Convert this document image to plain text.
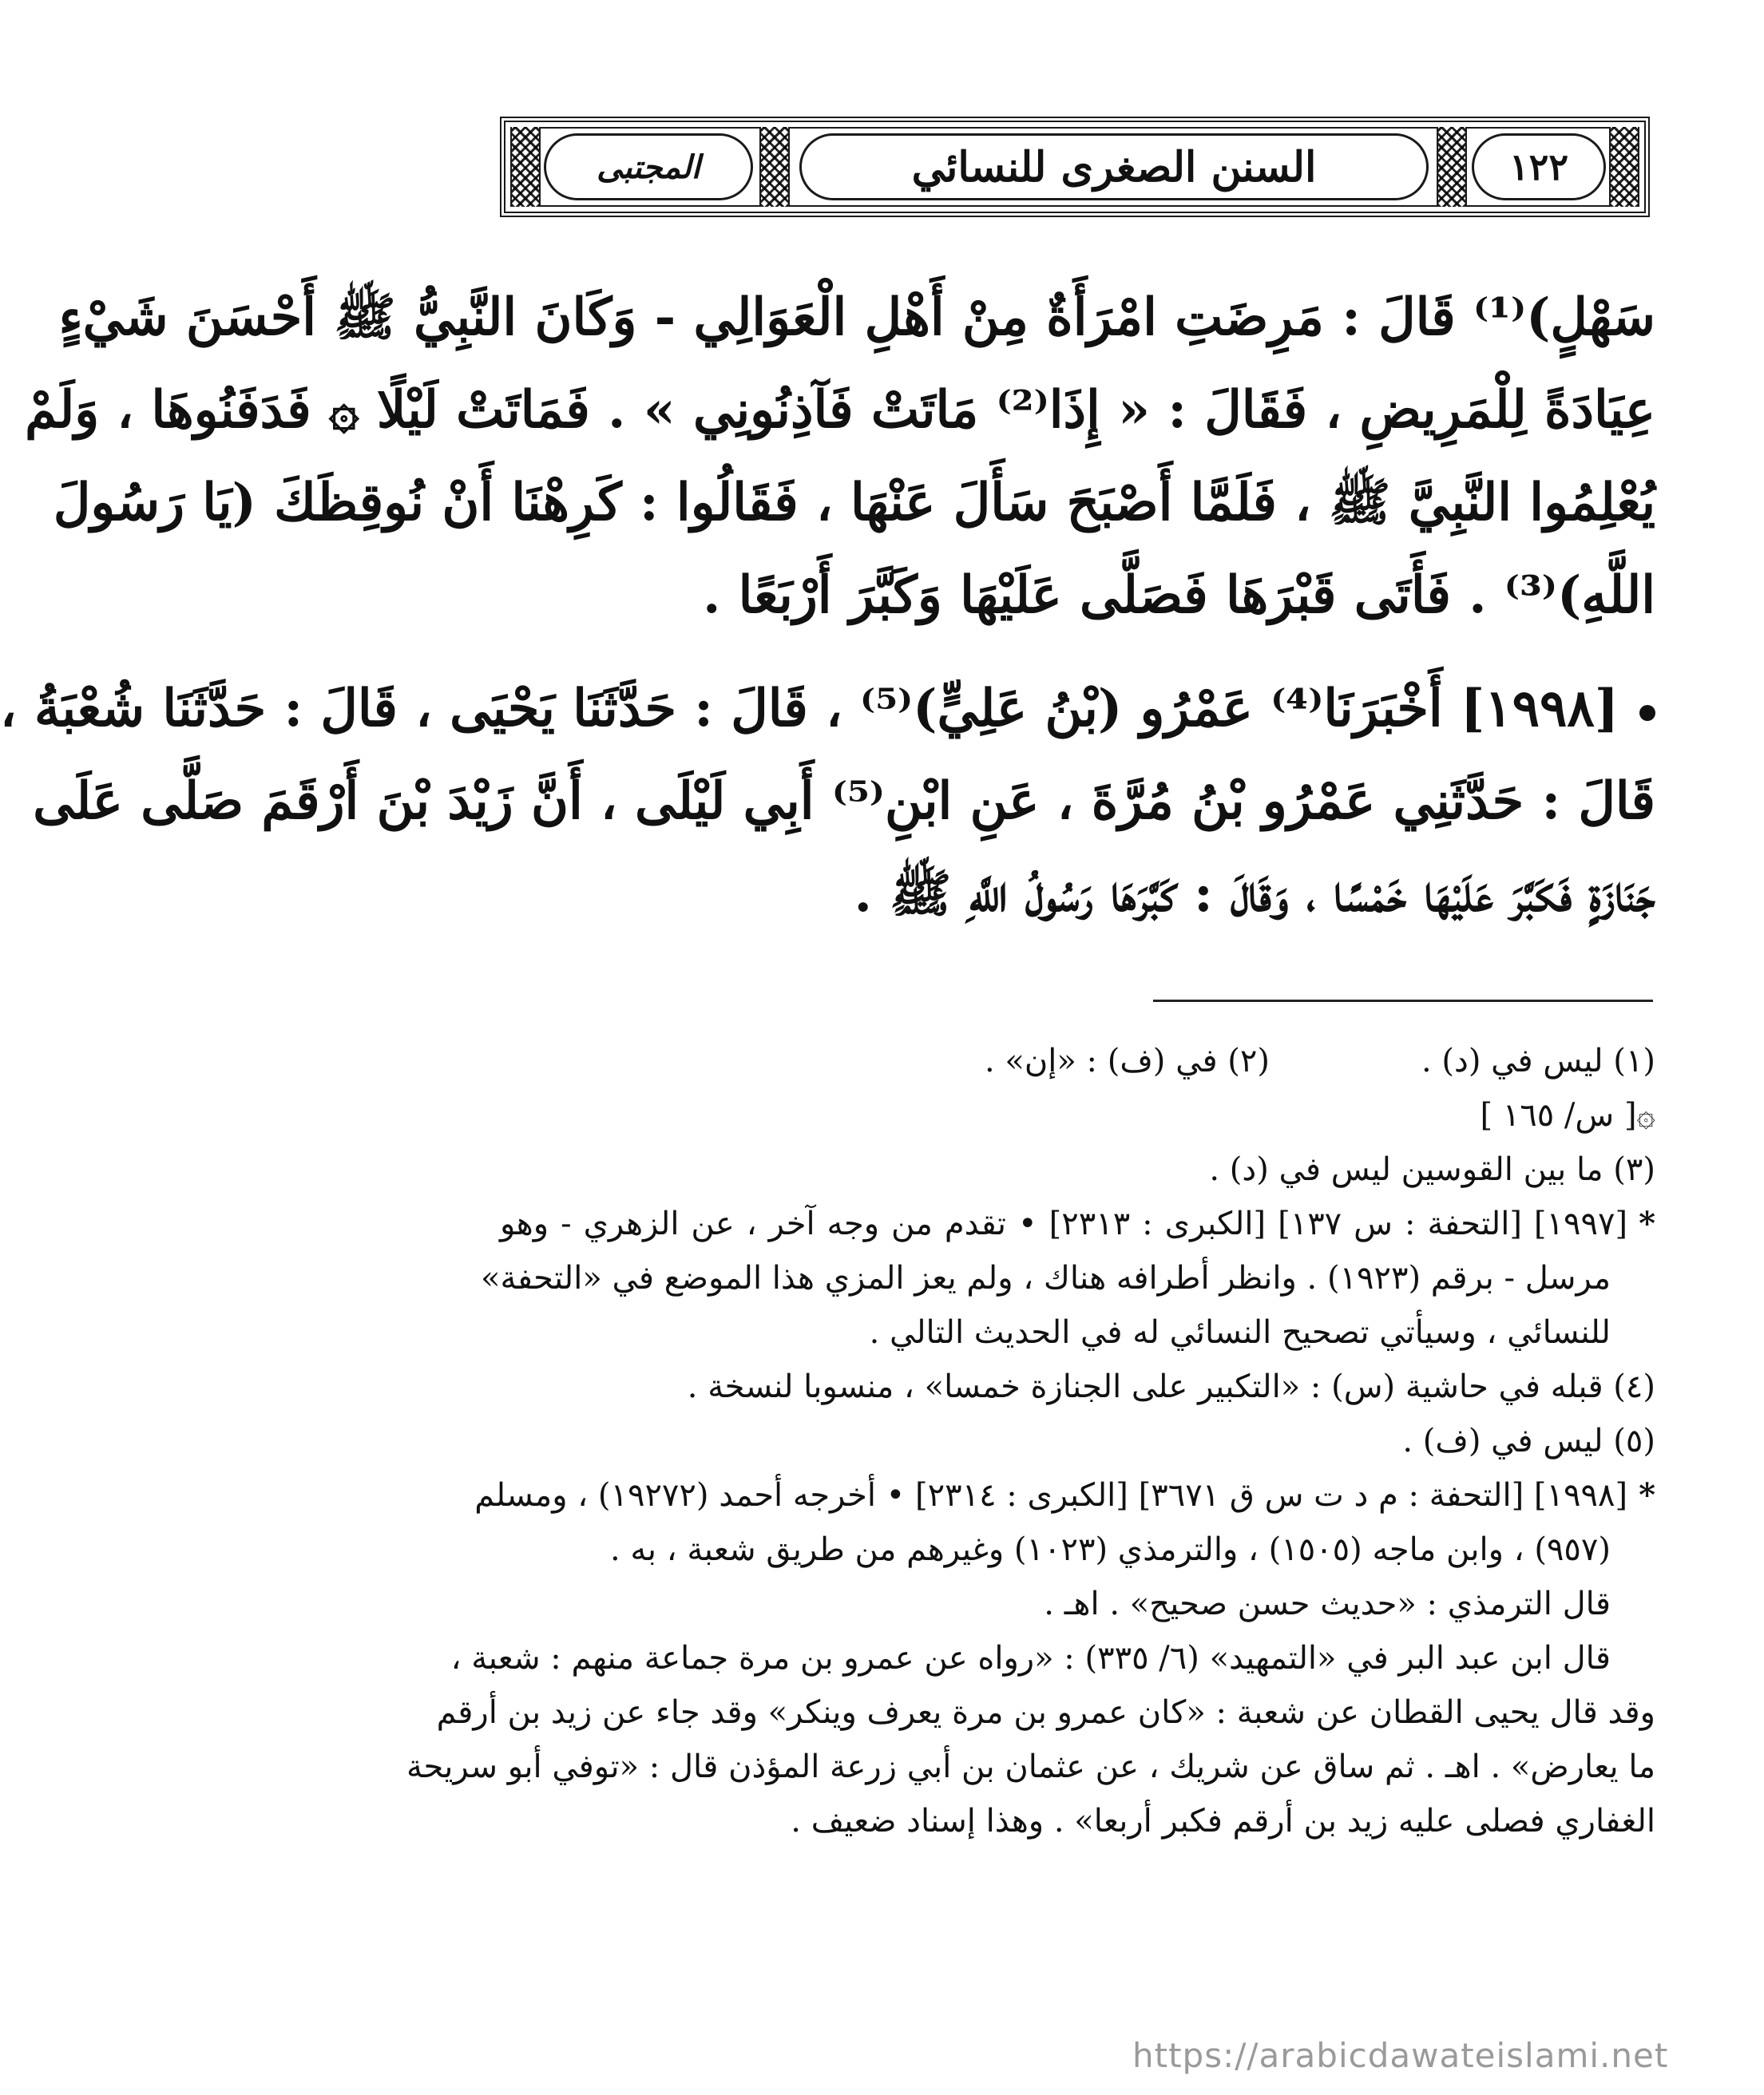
١٢٢
السنن الصغرى للنسائي
المجتبى
سَهْلٍ)⁽¹⁾ قَالَ : مَرِضَتِ امْرَأَةٌ مِنْ أَهْلِ الْعَوَالِي - وَكَانَ النَّبِيُّ ﷺ أَحْسَنَ شَيْءٍ
عِيَادَةً لِلْمَرِيضِ ، فَقَالَ : « إِذَا⁽²⁾ مَاتَتْ فَآذِنُونِي » . فَمَاتَتْ لَيْلًا ۞ فَدَفَنُوهَا ، وَلَمْ
يُعْلِمُوا النَّبِيَّ ﷺ ، فَلَمَّا أَصْبَحَ سَأَلَ عَنْهَا ، فَقَالُوا : كَرِهْنَا أَنْ نُوقِظَكَ (يَا رَسُولَ
اللَّهِ)⁽³⁾ . فَأَتَى قَبْرَهَا فَصَلَّى عَلَيْهَا وَكَبَّرَ أَرْبَعًا .
[١٩٩٨] أَخْبَرَنَا⁽⁴⁾ عَمْرُو (بْنُ عَلِيٍّ)⁽⁵⁾ ، قَالَ : حَدَّثَنَا يَحْيَى ، قَالَ : حَدَّثَنَا شُعْبَةُ ،
قَالَ : حَدَّثَنِي عَمْرُو بْنُ مُرَّةَ ، عَنِ ابْنِ⁽⁵⁾ أَبِي لَيْلَى ، أَنَّ زَيْدَ بْنَ أَرْقَمَ صَلَّى عَلَى
جَنَازَةٍ فَكَبَّرَ عَلَيْهَا خَمْسًا ، وَقَالَ : كَبَّرَهَا رَسُولُ اللَّهِ ﷺ .
(١) ليس في (د) .
(٢) في (ف) : «إن» .
۞[ س/ ١٦٥ ]
(٣) ما بين القوسين ليس في (د) .
*[١٩٩٧] [التحفة : س ١٣٧] [الكبرى : ٢٣١٣] • تقدم من وجه آخر ، عن الزهري - وهو
مرسل - برقم (١٩٢٣) . وانظر أطرافه هناك ، ولم يعز المزي هذا الموضع في «التحفة»
للنسائي ، وسيأتي تصحيح النسائي له في الحديث التالي .
(٤) قبله في حاشية (س) : «التكبير على الجنازة خمسا» ، منسوبا لنسخة .
(٥) ليس في (ف) .
*[١٩٩٨] [التحفة : م د ت س ق ٣٦٧١] [الكبرى : ٢٣١٤] • أخرجه أحمد (١٩٢٧٢) ، ومسلم
(٩٥٧) ، وابن ماجه (١٥٠٥) ، والترمذي (١٠٢٣) وغيرهم من طريق شعبة ، به .
قال الترمذي : «حديث حسن صحيح» . اهـ .
قال ابن عبد البر في «التمهيد» (٦/ ٣٣٥) : «رواه عن عمرو بن مرة جماعة منهم : شعبة ،
وقد قال يحيى القطان عن شعبة : «كان عمرو بن مرة يعرف وينكر» وقد جاء عن زيد بن أرقم
ما يعارض» . اهـ . ثم ساق عن شريك ، عن عثمان بن أبي زرعة المؤذن قال : «توفي أبو سريحة
الغفاري فصلى عليه زيد بن أرقم فكبر أربعا» . وهذا إسناد ضعيف .
https://arabicdawateislami.net
